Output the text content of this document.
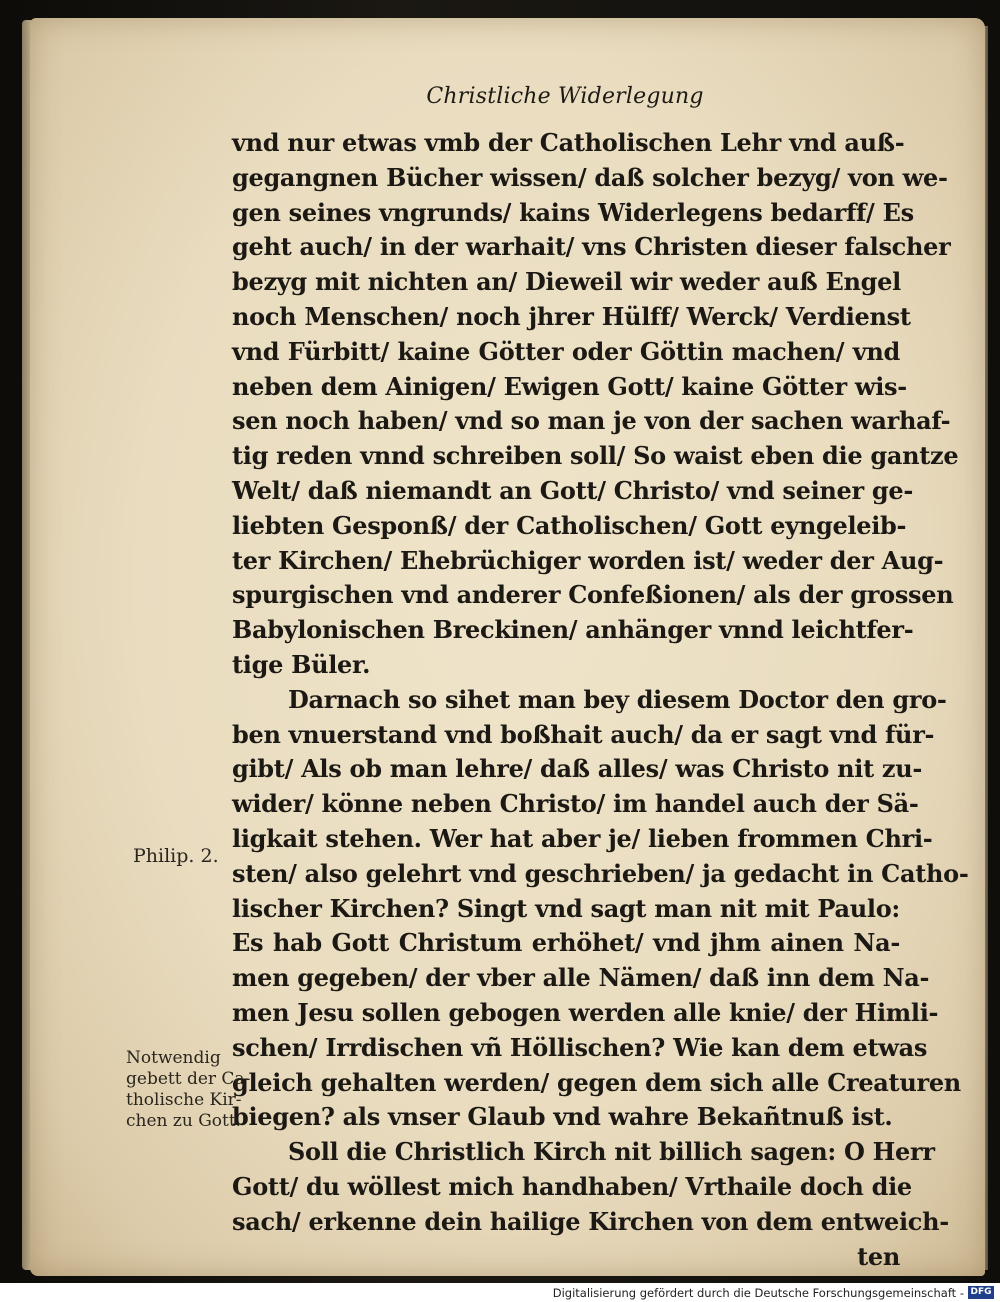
Christliche Widerlegung
vnd nur etwas vmb der Catholischen Lehr vnd auß-
gegangnen Bücher wissen/ daß solcher bezyg/ von we-
gen seines vngrunds/ kains Widerlegens bedarff/ Es
geht auch/ in der warhait/ vns Christen dieser falscher
bezyg mit nichten an/ Dieweil wir weder auß Engel
noch Menschen/ noch jhrer Hülff/ Werck/ Verdienst
vnd Fürbitt/ kaine Götter oder Göttin machen/ vnd
neben dem Ainigen/ Ewigen Gott/ kaine Götter wis-
sen noch haben/ vnd so man je von der sachen warhaf-
tig reden vnnd schreiben soll/ So waist eben die gantze
Welt/ daß niemandt an Gott/ Christo/ vnd seiner ge-
liebten Gesponß/ der Catholischen/ Gott eyngeleib-
ter Kirchen/ Ehebrüchiger worden ist/ weder der Aug-
spurgischen vnd anderer Confeßionen/ als der grossen
Babylonischen Breckinen/ anhänger vnnd leichtfer-
tige Büler.
Darnach so sihet man bey diesem Doctor den gro-
ben vnuerstand vnd boßhait auch/ da er sagt vnd für-
gibt/ Als ob man lehre/ daß alles/ was Christo nit zu-
wider/ könne neben Christo/ im handel auch der Sä-
ligkait stehen. Wer hat aber je/ lieben frommen Chri-
sten/ also gelehrt vnd geschrieben/ ja gedacht in Catho-
lischer Kirchen? Singt vnd sagt man nit mit Paulo:
Es hab Gott Christum erhöhet/ vnd jhm ainen Na-
men gegeben/ der vber alle Nämen/ daß inn dem Na-
men Jesu sollen gebogen werden alle knie/ der Himli-
schen/ Irrdischen vñ Höllischen? Wie kan dem etwas
gleich gehalten werden/ gegen dem sich alle Creaturen
biegen? als vnser Glaub vnd wahre Bekañtnuß ist.
Soll die Christlich Kirch nit billich sagen: O Herr
Gott/ du wöllest mich handhaben/ Vrthaile doch die
sach/ erkenne dein hailige Kirchen von dem entweich-
ten
Philip. 2.
Notwendig
gebett der Ca-
tholische Kir-
chen zu Gott.
Digitalisierung gefördert durch die Deutsche Forschungsgemeinschaft - DFG
